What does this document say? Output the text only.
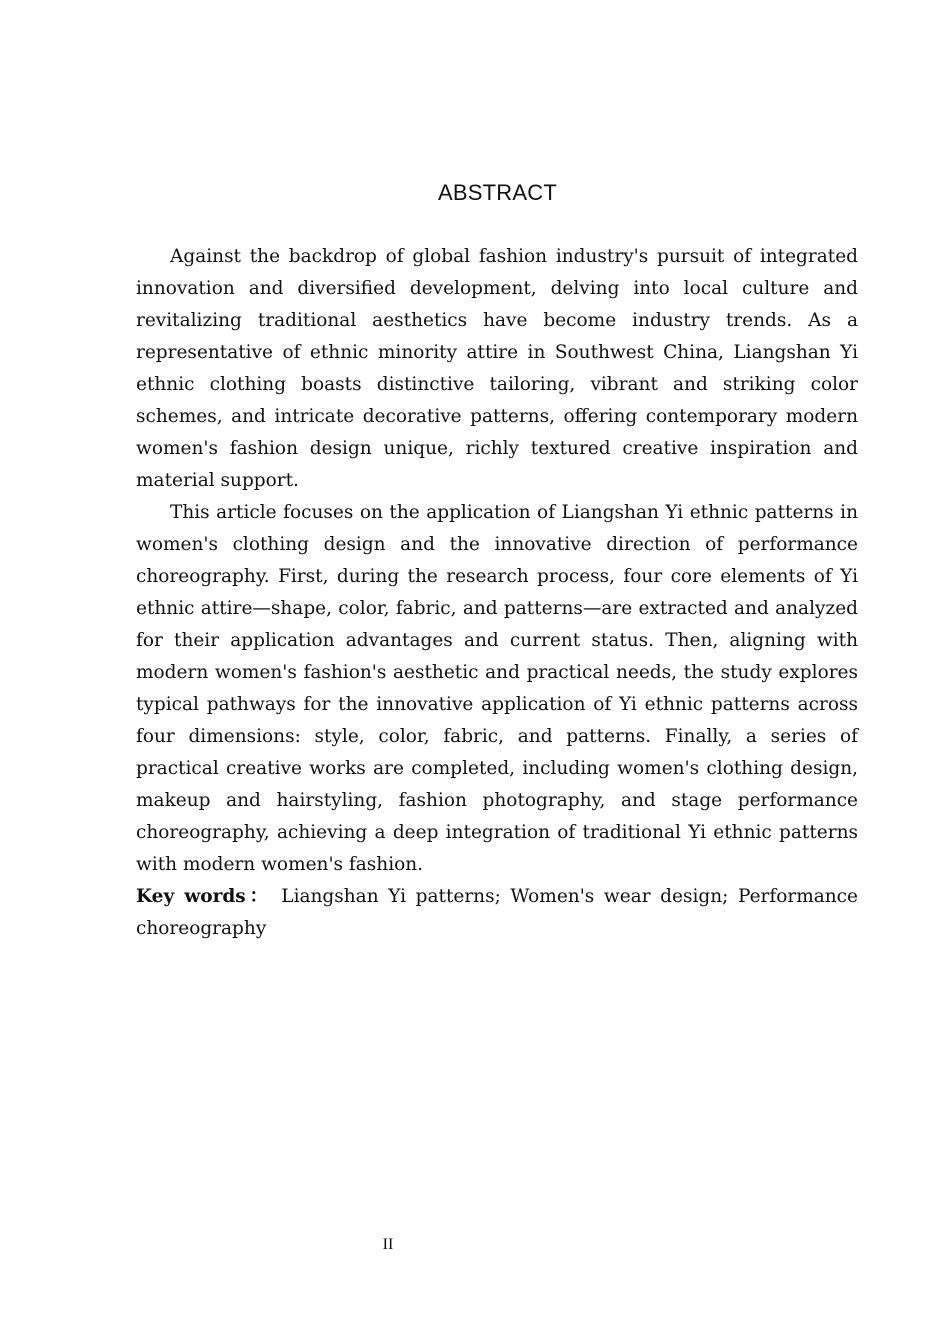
ABSTRACT

Against the backdrop of global fashion industry's pursuit of integrated innovation and diversified development, delving into local culture and revitalizing traditional aesthetics have become industry trends. As a representative of ethnic minority attire in Southwest China, Liangshan Yi ethnic clothing boasts distinctive tailoring, vibrant and striking color schemes, and intricate decorative patterns, offering contemporary modern women's fashion design unique, richly textured creative inspiration and material support.

This article focuses on the application of Liangshan Yi ethnic patterns in women's clothing design and the innovative direction of performance choreography. First, during the research process, four core elements of Yi ethnic attire—shape, color, fabric, and patterns—are extracted and analyzed for their application advantages and current status. Then, aligning with modern women's fashion's aesthetic and practical needs, the study explores typical pathways for the innovative application of Yi ethnic patterns across four dimensions: style, color, fabric, and patterns. Finally, a series of practical creative works are completed, including women's clothing design, makeup and hairstyling, fashion photography, and stage performance choreography, achieving a deep integration of traditional Yi ethnic patterns with modern women's fashion.

Key words： Liangshan Yi patterns; Women's wear design; Performance choreography

II
